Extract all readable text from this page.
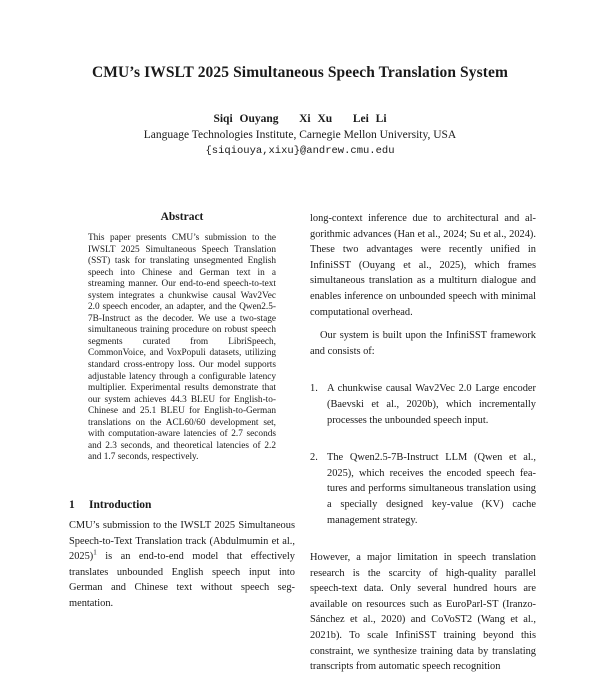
CMU’s IWSLT 2025 Simultaneous Speech Translation System
Siqi Ouyang   Xi Xu   Lei Li
Language Technologies Institute, Carnegie Mellon University, USA
{siqiouya,xixu}@andrew.cmu.edu
Abstract
This paper presents CMU’s submission to the IWSLT 2025 Simultaneous Speech Translation (SST) task for translating unsegmented English speech into Chinese and German text in a streaming manner. Our end-to-end speech-to-text system integrates a chunkwise causal Wav2Vec 2.0 speech encoder, an adapter, and the Qwen2.5-7B-Instruct as the decoder. We use a two-stage simultaneous training procedure on robust speech segments curated from LibriSpeech, CommonVoice, and VoxPopuli datasets, utilizing standard cross-entropy loss. Our model supports adjustable latency through a configurable latency multiplier. Experimental results demonstrate that our system achieves 44.3 BLEU for English-to-Chinese and 25.1 BLEU for English-to-German translations on the ACL60/60 development set, with computation-aware latencies of 2.7 seconds and 2.3 seconds, and theoretical latencies of 2.2 and 1.7 seconds, respectively.
1 Introduction
CMU’s submission to the IWSLT 2025 Simultaneous Speech-to-Text Translation track (Abdulmumin et al., 2025)$^1$ is an end-to-end model that effectively translates unbounded English speech input into German and Chinese text without speech segmentation.

long-context inference due to architectural and algorithmic advances (Han et al., 2024; Su et al., 2024). These two advantages were recently unified in InfiniSST (Ouyang et al., 2025), which frames simultaneous translation as a multiturn dialogue and enables inference on unbounded speech with minimal computational overhead.

Our system is built upon the InfiniSST framework and consists of:

1. A chunkwise causal Wav2Vec 2.0 Large encoder (Baevski et al., 2020b), which incrementally processes the unbounded speech input.
2. The Qwen2.5-7B-Instruct LLM (Qwen et al., 2025), which receives the encoded speech features and performs simultaneous translation using a specially designed key-value (KV) cache management strategy.

However, a major limitation in speech translation research is the scarcity of high-quality parallel speech-text data. Only several hundred hours are available on resources such as EuroParl-ST (Iranzo-Sánchez et al., 2020) and CoVoST2 (Wang et al., 2021b). To scale InfiniSST training beyond this constraint, we synthesize training data by translating transcripts from automatic speech recognition
